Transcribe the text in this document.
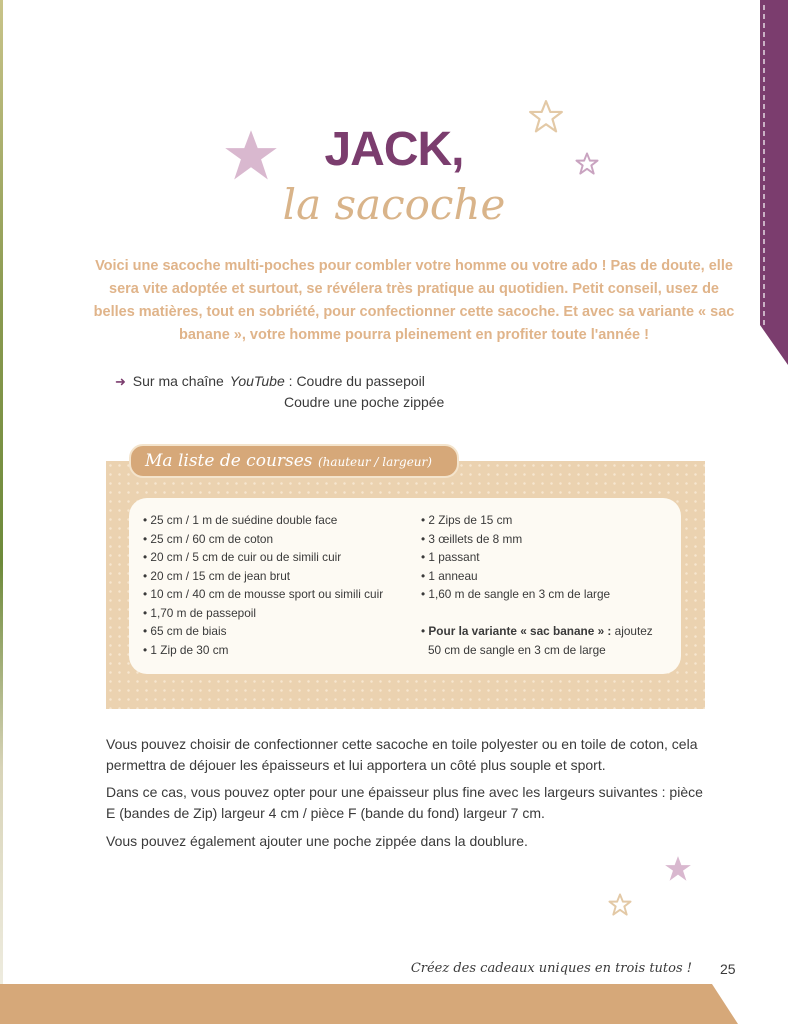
JACK,
la sacoche
Voici une sacoche multi-poches pour combler votre homme ou votre ado ! Pas de doute, elle sera vite adoptée et surtout, se révélera très pratique au quotidien. Petit conseil, usez de belles matières, tout en sobriété, pour confectionner cette sacoche. Et avec sa variante « sac banane », votre homme pourra pleinement en profiter toute l'année !
➜ Sur ma chaîne YouTube : Coudre du passepoil
Coudre une poche zippée
Ma liste de courses (hauteur / largeur)
• 25 cm / 1 m de suédine double face
• 25 cm / 60 cm de coton
• 20 cm / 5 cm de cuir ou de simili cuir
• 20 cm / 15 cm de jean brut
• 10 cm / 40 cm de mousse sport ou simili cuir
• 1,70 m de passepoil
• 65 cm de biais
• 1 Zip de 30 cm
• 2 Zips de 15 cm
• 3 œillets de 8 mm
• 1 passant
• 1 anneau
• 1,60 m de sangle en 3 cm de large
• Pour la variante « sac banane » : ajoutez
50 cm de sangle en 3 cm de large

Vous pouvez choisir de confectionner cette sacoche en toile polyester ou en toile de coton, cela permettra de déjouer les épaisseurs et lui apportera un côté plus souple et sport.

Dans ce cas, vous pouvez opter pour une épaisseur plus fine avec les largeurs suivantes : pièce E (bandes de Zip) largeur 4 cm / pièce F (bande du fond) largeur 7 cm.

Vous pouvez également ajouter une poche zippée dans la doublure.

Créez des cadeaux uniques en trois tutos ! 25
